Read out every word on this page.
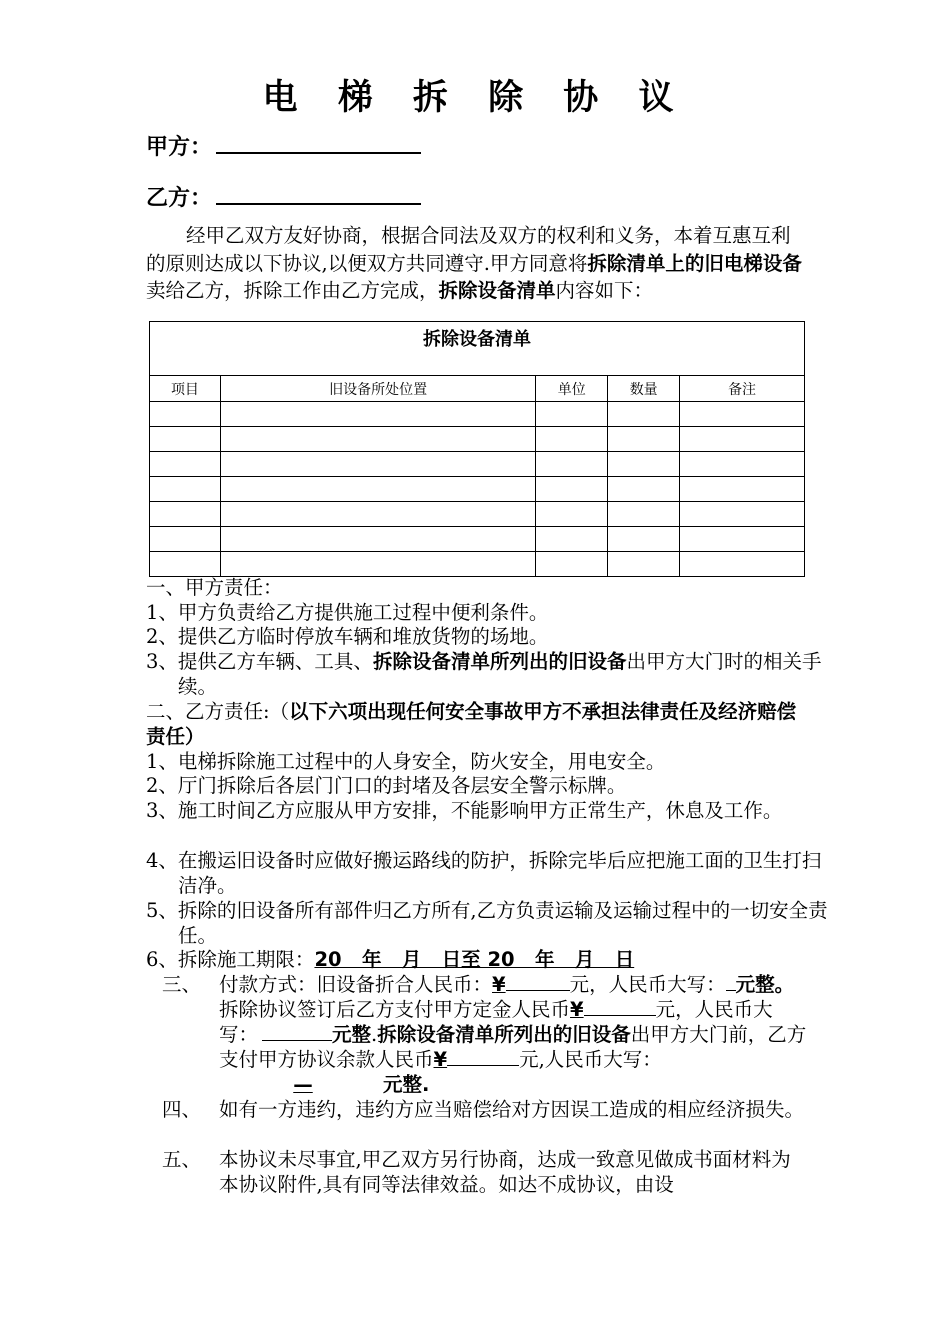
电 梯 拆 除 协 议
甲方：
乙方：
经甲乙双方友好协商，根据合同法及双方的权利和义务，本着互惠互利的原则达成以下协议,以便双方共同遵守.甲方同意将拆除清单上的旧电梯设备卖给乙方，拆除工作由乙方完成，拆除设备清单内容如下：
拆除设备清单				
项目	旧设备所处位置	单位	数量	备注

一、甲方责任：
1、甲方负责给乙方提供施工过程中便利条件。
2、提供乙方临时停放车辆和堆放货物的场地。
3、提供乙方车辆、工具、拆除设备清单所列出的旧设备出甲方大门时的相关手续。
二、乙方责任:（以下六项出现任何安全事故甲方不承担法律责任及经济赔偿责任）
1、电梯拆除施工过程中的人身安全，防火安全，用电安全。
2、厅门拆除后各层门门口的封堵及各层安全警示标牌。
3、施工时间乙方应服从甲方安排，不能影响甲方正常生产，休息及工作。
4、在搬运旧设备时应做好搬运路线的防护，拆除完毕后应把施工面的卫生打扫洁净。
5、拆除的旧设备所有部件归乙方所有,乙方负责运输及运输过程中的一切安全责任。
6、拆除施工期限：20   年   月   日至 20   年   月   日
三、 付款方式：旧设备折合人民币：¥	元，人民币大写： 元整。拆除协议签订后乙方支付甲方定金人民币¥	元，人民币大写：	元整.拆除设备清单所列出的旧设备出甲方大门前，乙方支付甲方协议余款人民币¥	元,人民币大写：—	元整.
四、 如有一方违约，违约方应当赔偿给对方因误工造成的相应经济损失。
五、 本协议未尽事宜,甲乙双方另行协商，达成一致意见做成书面材料为本协议附件,具有同等法律效益。如达不成协议，由设
